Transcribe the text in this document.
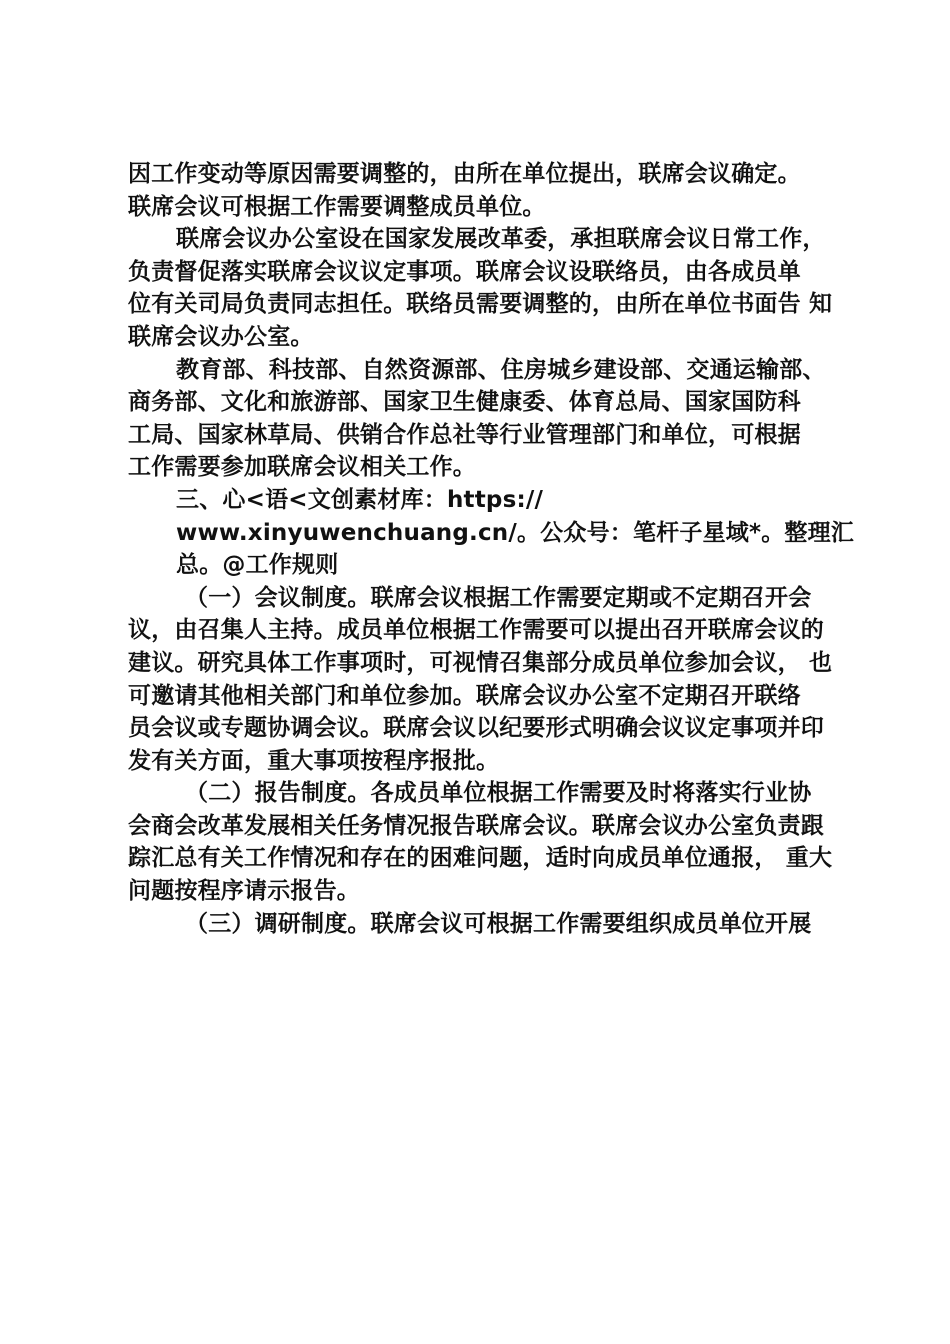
因工作变动等原因需要调整的，由所在单位提出，联席会议确定。
联席会议可根据工作需要调整成员单位。
联席会议办公室设在国家发展改革委，承担联席会议日常工作，
负责督促落实联席会议议定事项。联席会议设联络员，由各成员单
位有关司局负责同志担任。联络员需要调整的，由所在单位书面告 知
联席会议办公室。
教育部、科技部、自然资源部、住房城乡建设部、交通运输部、
商务部、文化和旅游部、国家卫生健康委、体育总局、国家国防科
工局、国家林草局、供销合作总社等行业管理部门和单位，可根据
工作需要参加联席会议相关工作。
三、心<语<文创素材库：https://
www.xinyuwenchuang.cn/。公众号：笔杆子星域*。整理汇
总。@工作规则
（一）会议制度。联席会议根据工作需要定期或不定期召开会
议，由召集人主持。成员单位根据工作需要可以提出召开联席会议的
建议。研究具体工作事项时，可视情召集部分成员单位参加会议， 也
可邀请其他相关部门和单位参加。联席会议办公室不定期召开联络
员会议或专题协调会议。联席会议以纪要形式明确会议议定事项并印
发有关方面，重大事项按程序报批。
（二）报告制度。各成员单位根据工作需要及时将落实行业协
会商会改革发展相关任务情况报告联席会议。联席会议办公室负责跟
踪汇总有关工作情况和存在的困难问题，适时向成员单位通报， 重大
问题按程序请示报告。
（三）调研制度。联席会议可根据工作需要组织成员单位开展
